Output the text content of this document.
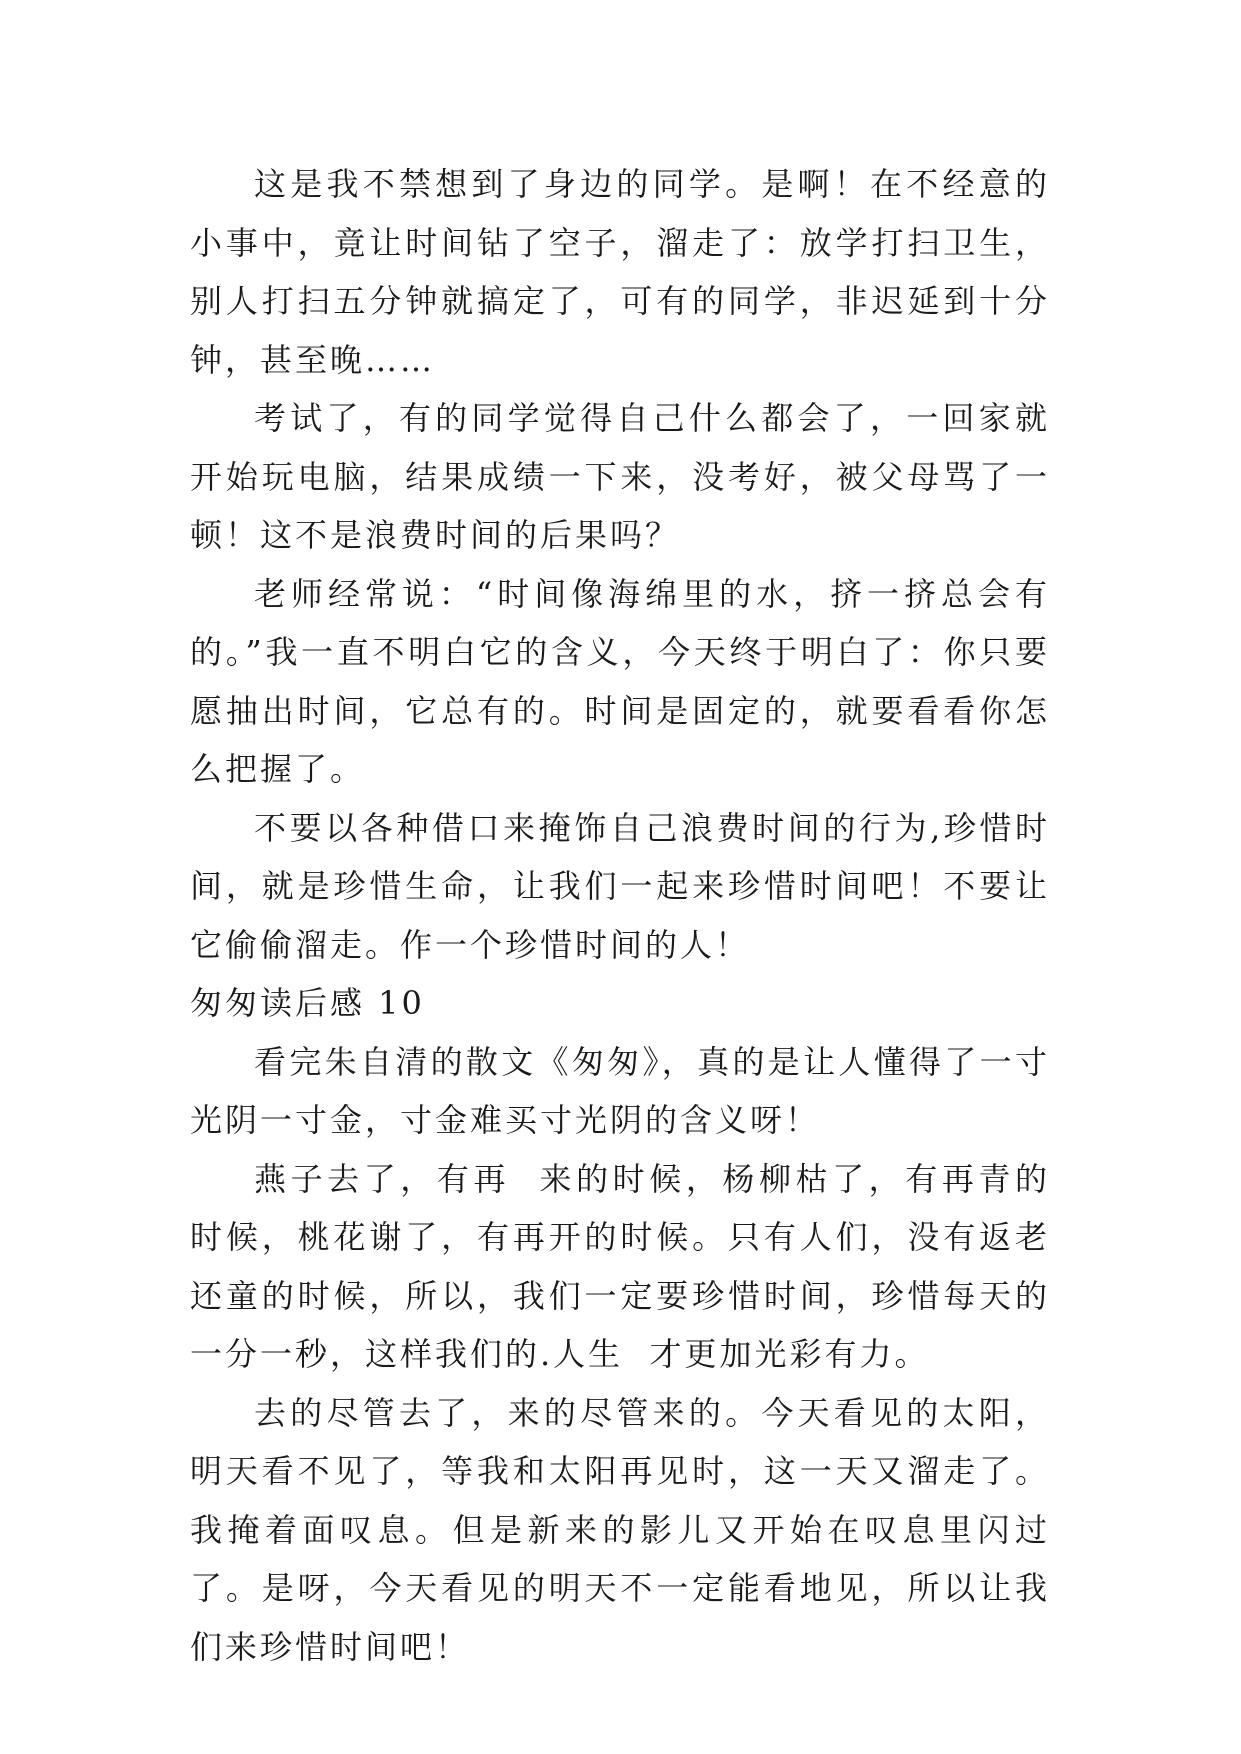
这是我不禁想到了身边的同学。是啊！在不经意的小事中，竟让时间钻了空子，溜走了：放学打扫卫生，别人打扫五分钟就搞定了，可有的同学，非迟延到十分钟，甚至晚……

考试了，有的同学觉得自己什么都会了，一回家就开始玩电脑，结果成绩一下来，没考好，被父母骂了一顿！这不是浪费时间的后果吗？

老师经常说：“时间像海绵里的水，挤一挤总会有的。”我一直不明白它的含义，今天终于明白了：你只要愿抽出时间，它总有的。时间是固定的，就要看看你怎么把握了。

不要以各种借口来掩饰自己浪费时间的行为,珍惜时间，就是珍惜生命，让我们一起来珍惜时间吧！不要让它偷偷溜走。作一个珍惜时间的人！

匆匆读后感 10

看完朱自清的散文《匆匆》，真的是让人懂得了一寸光阴一寸金，寸金难买寸光阴的含义呀！

燕子去了，有再  来的时候，杨柳枯了，有再青的时候，桃花谢了，有再开的时候。只有人们，没有返老还童的时候，所以，我们一定要珍惜时间，珍惜每天的一分一秒，这样我们的.人生  才更加光彩有力。

去的尽管去了，来的尽管来的。今天看见的太阳，明天看不见了，等我和太阳再见时，这一天又溜走了。我掩着面叹息。但是新来的影儿又开始在叹息里闪过了。是呀，今天看见的明天不一定能看地见，所以让我们来珍惜时间吧！
